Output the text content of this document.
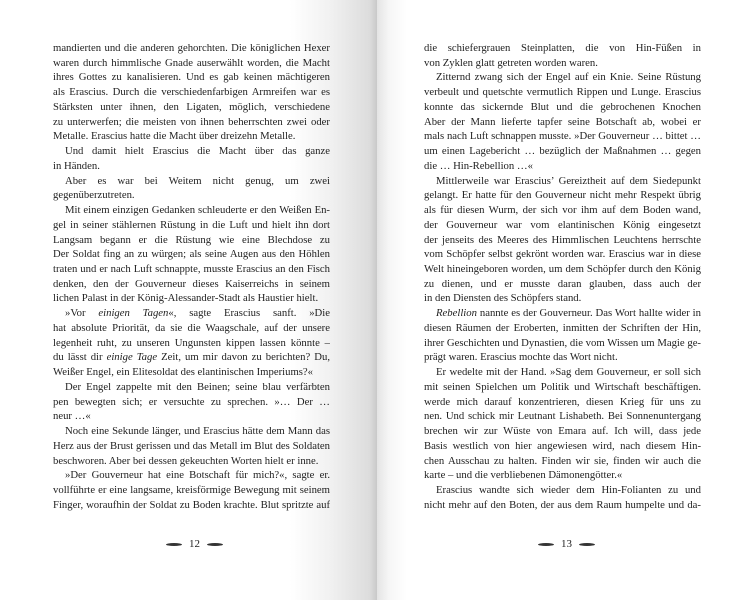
mandierten und die anderen gehorchten. Die königlichen Hexer
waren durch himmlische Gnade auserwählt worden, die Macht
ihres Gottes zu kanalisieren. Und es gab keinen mächtigeren
als Erascius. Durch die verschiedenfarbigen Armreifen war es
Stärksten unter ihnen, den Ligaten, möglich, verschiedene
zu unterwerfen; die meisten von ihnen beherrschten zwei oder
Metalle. Erascius hatte die Macht über dreizehn Metalle.
Und damit hielt Erascius die Macht über das ganze
in Händen.
Aber es war bei Weitem nicht genug, um zwei
gegenüberzutreten.
Mit einem einzigen Gedanken schleuderte er den Weißen En-
gel in seiner stählernen Rüstung in die Luft und hielt ihn dort
Langsam begann er die Rüstung wie eine Blechdose zu
Der Soldat fing an zu würgen; als seine Augen aus den Höhlen
traten und er nach Luft schnappte, musste Erascius an den Fisch
denken, den der Gouverneur dieses Kaiserreichs in seinem
lichen Palast in der König-Alessander-Stadt als Haustier hielt.
»Vor einigen Tagen«, sagte Erascius sanft. »Die
hat absolute Priorität, da sie die Waagschale, auf der unsere
legenheit ruht, zu unseren Ungunsten kippen lassen könnte –
du lässt dir einige Tage Zeit, um mir davon zu berichten? Du,
Weißer Engel, ein Elitesoldat des elantinischen Imperiums?«
Der Engel zappelte mit den Beinen; seine blau verfärbten
pen bewegten sich; er versuchte zu sprechen. »… Der …
neur …«
Noch eine Sekunde länger, und Erascius hätte dem Mann das
Herz aus der Brust gerissen und das Metall im Blut des Soldaten
beschworen. Aber bei dessen gekeuchten Worten hielt er inne.
»Der Gouverneur hat eine Botschaft für mich?«, sagte er.
vollführte er eine langsame, kreisförmige Bewegung mit seinem
Finger, woraufhin der Soldat zu Boden krachte. Blut spritzte auf
12
die schiefergrauen Steinplatten, die von Hin-Füßen in
von Zyklen glatt getreten worden waren.
Zitternd zwang sich der Engel auf ein Knie. Seine Rüstung
verbeult und quetschte vermutlich Rippen und Lunge. Erascius
konnte das sickernde Blut und die gebrochenen Knochen
Aber der Mann lieferte tapfer seine Botschaft ab, wobei er
mals nach Luft schnappen musste. »Der Gouverneur … bittet …
um einen Lagebericht … bezüglich der Maßnahmen … gegen
die … Hin-Rebellion …«
Mittlerweile war Erascius’ Gereiztheit auf dem Siedepunkt
gelangt. Er hatte für den Gouverneur nicht mehr Respekt übrig
als für diesen Wurm, der sich vor ihm auf dem Boden wand,
der Gouverneur war vom elantinischen König eingesetzt
der jenseits des Meeres des Himmlischen Leuchtens herrschte
vom Schöpfer selbst gekrönt worden war. Erascius war in diese
Welt hineingeboren worden, um dem Schöpfer durch den König
zu dienen, und er musste daran glauben, dass auch der
in den Diensten des Schöpfers stand.
Rebellion nannte es der Gouverneur. Das Wort hallte wider in
diesen Räumen der Eroberten, inmitten der Schriften der Hin,
ihrer Geschichten und Dynastien, die vom Wissen um Magie ge-
prägt waren. Erascius mochte das Wort nicht.
Er wedelte mit der Hand. »Sag dem Gouverneur, er soll sich
mit seinen Spielchen um Politik und Wirtschaft beschäftigen.
werde mich darauf konzentrieren, diesen Krieg für uns zu
nen. Und schick mir Leutnant Lishabeth. Bei Sonnenuntergang
brechen wir zur Wüste von Emara auf. Ich will, dass jede
Basis westlich von hier angewiesen wird, nach diesem Hin-
chen Ausschau zu halten. Finden wir sie, finden wir auch die
karte – und die verbliebenen Dämonengötter.«
Erascius wandte sich wieder dem Hin-Folianten zu und
nicht mehr auf den Boten, der aus dem Raum humpelte und da-
13
